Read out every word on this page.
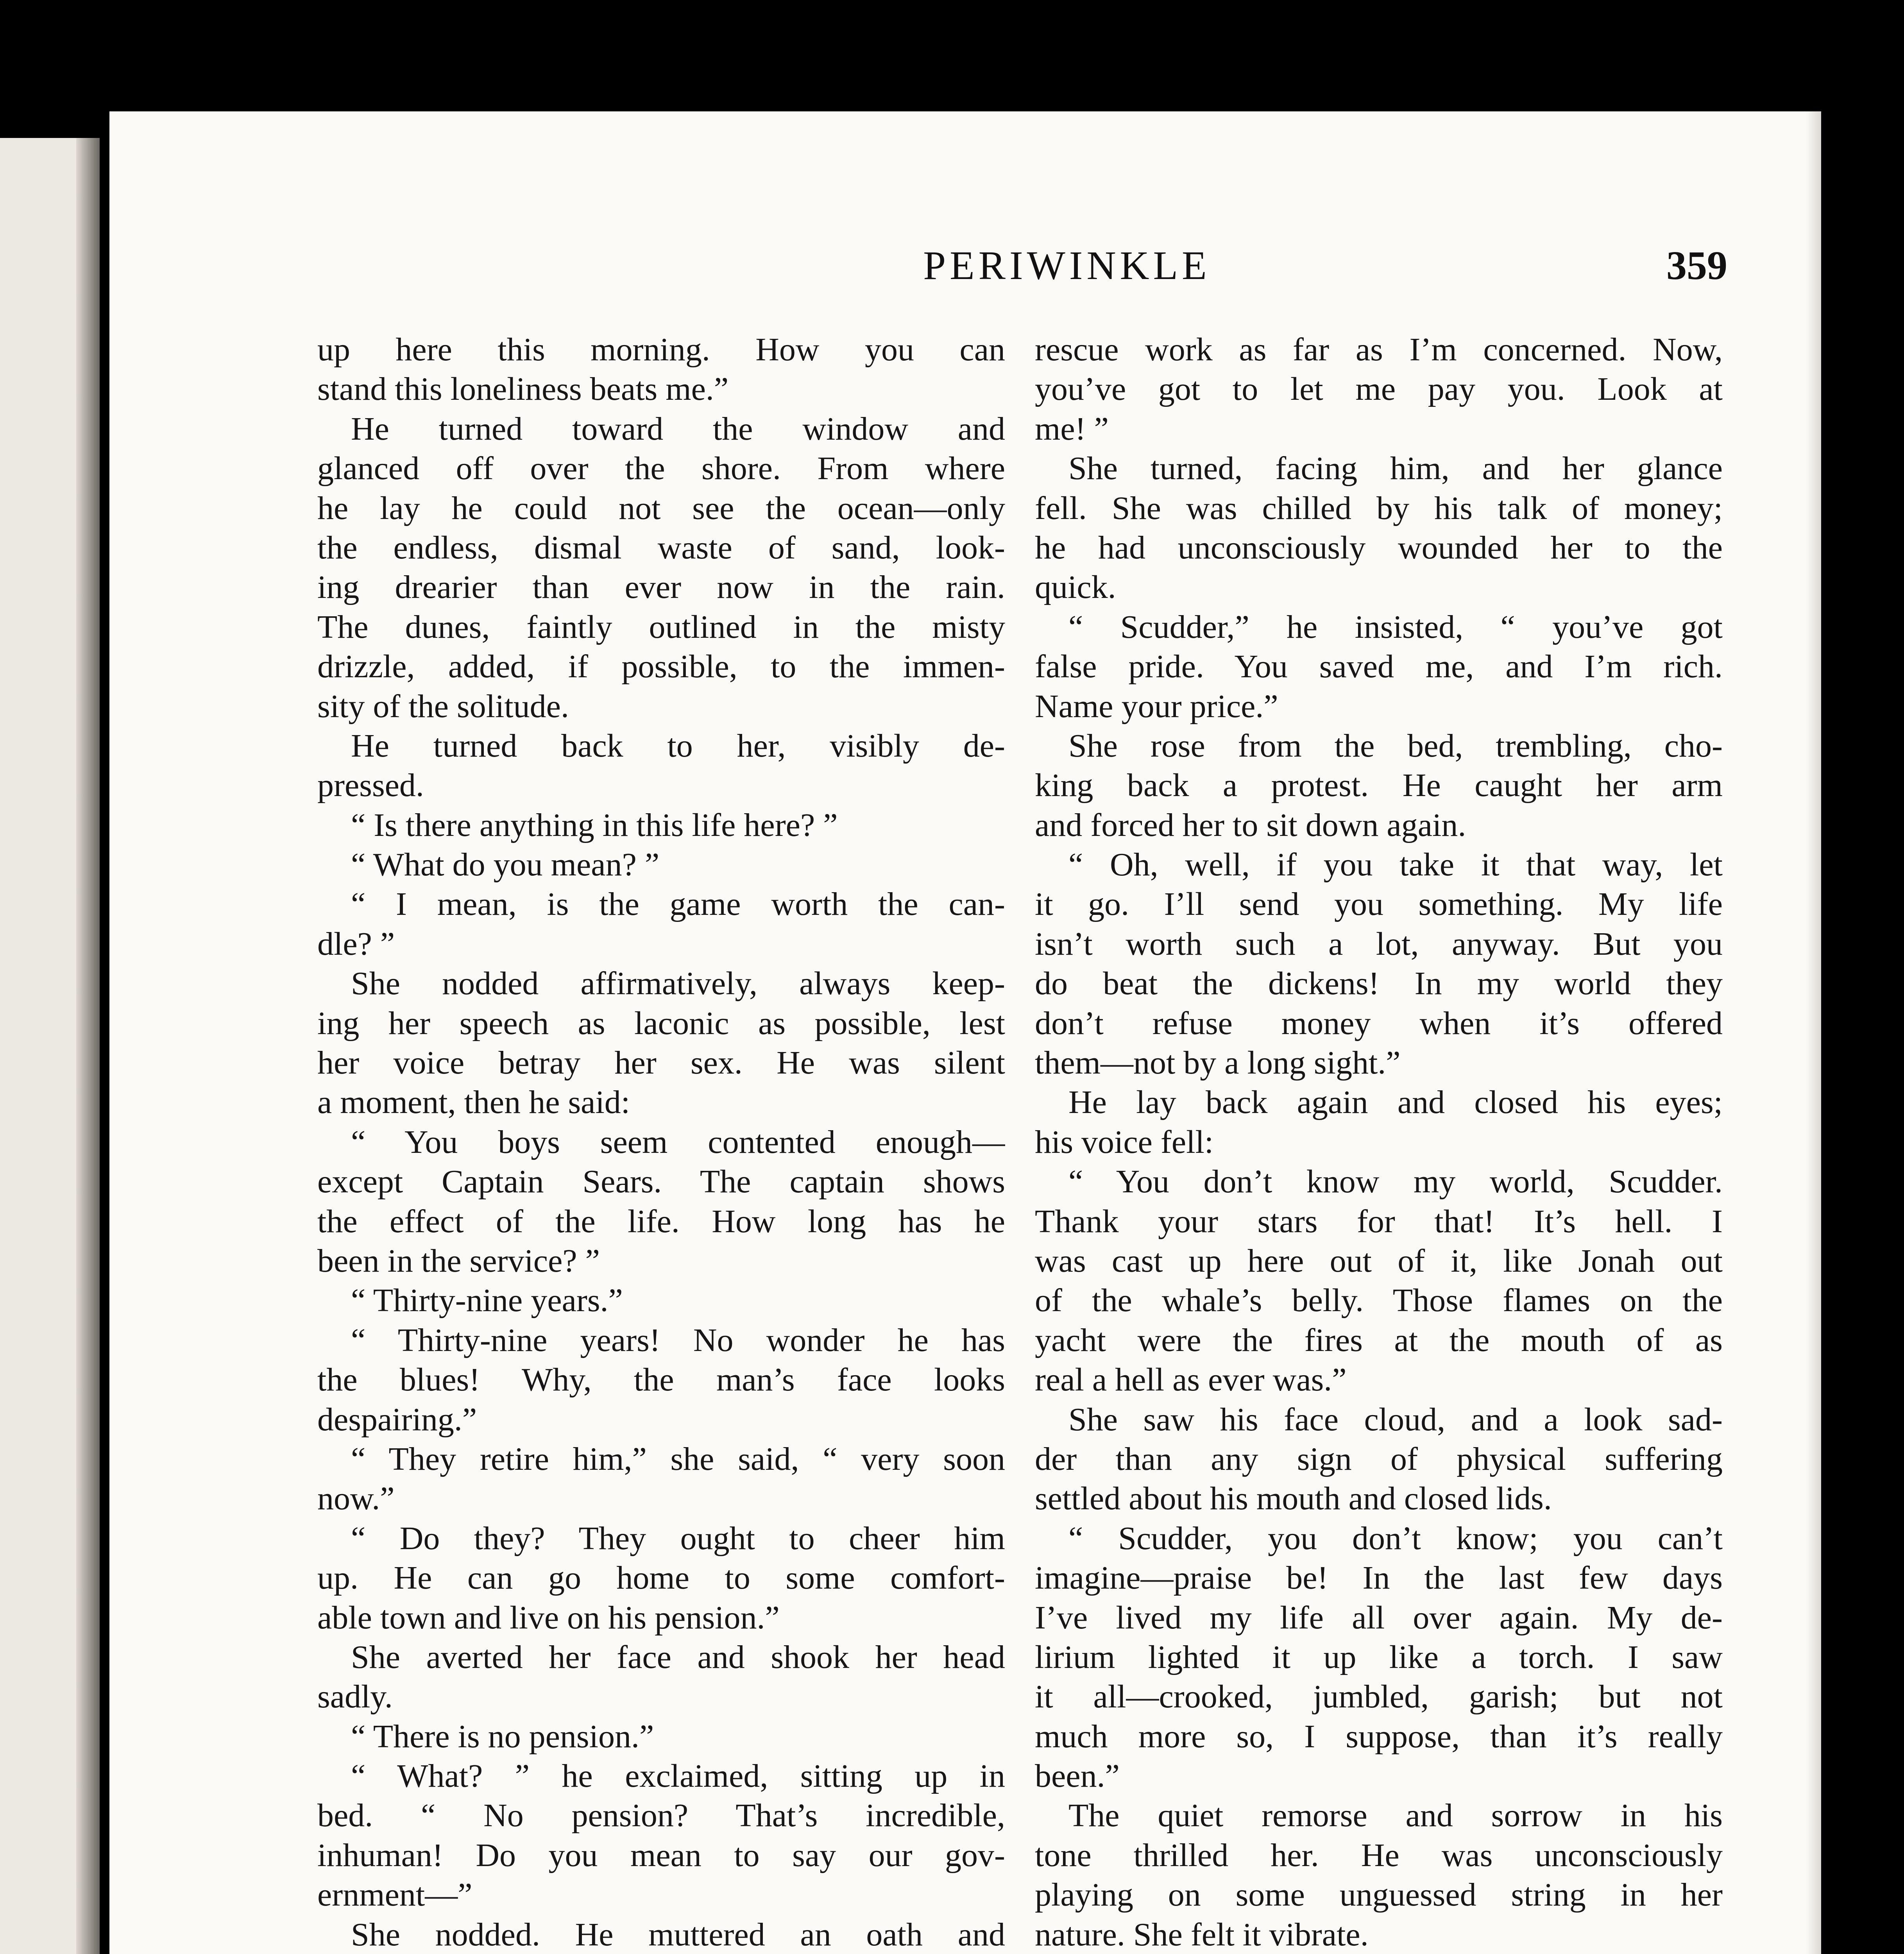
PERIWINKLE	359
up here this morning. How you can
stand this loneliness beats me.”
He turned toward the window and
glanced off over the shore. From where
he lay he could not see the ocean—only
the endless, dismal waste of sand, look-
ing drearier than ever now in the rain.
The dunes, faintly outlined in the misty
drizzle, added, if possible, to the immen-
sity of the solitude.
He turned back to her, visibly de-
pressed.
“ Is there anything in this life here? ”
“ What do you mean? ”
“ I mean, is the game worth the can-
dle? ”
She nodded affirmatively, always keep-
ing her speech as laconic as possible, lest
her voice betray her sex. He was silent
a moment, then he said:
“ You boys seem contented enough—
except Captain Sears. The captain shows
the effect of the life. How long has he
been in the service? ”
“ Thirty-nine years.”
“ Thirty-nine years! No wonder he has
the blues! Why, the man’s face looks
despairing.”
“ They retire him,” she said, “ very soon
now.”
“ Do they? They ought to cheer him
up. He can go home to some comfort-
able town and live on his pension.”
She averted her face and shook her head
sadly.
“ There is no pension.”
“ What? ” he exclaimed, sitting up in
bed. “ No pension? That’s incredible,
inhuman! Do you mean to say our gov-
ernment—”
She nodded. He muttered an oath and
rescue work as far as I’m concerned. Now,
you’ve got to let me pay you. Look at
me! ”
She turned, facing him, and her glance
fell. She was chilled by his talk of money;
he had unconsciously wounded her to the
quick.
“ Scudder,” he insisted, “ you’ve got
false pride. You saved me, and I’m rich.
Name your price.”
She rose from the bed, trembling, cho-
king back a protest. He caught her arm
and forced her to sit down again.
“ Oh, well, if you take it that way, let
it go. I’ll send you something. My life
isn’t worth such a lot, anyway. But you
do beat the dickens! In my world they
don’t refuse money when it’s offered
them—not by a long sight.”
He lay back again and closed his eyes;
his voice fell:
“ You don’t know my world, Scudder.
Thank your stars for that! It’s hell. I
was cast up here out of it, like Jonah out
of the whale’s belly. Those flames on the
yacht were the fires at the mouth of as
real a hell as ever was.”
She saw his face cloud, and a look sad-
der than any sign of physical suffering
settled about his mouth and closed lids.
“ Scudder, you don’t know; you can’t
imagine—praise be! In the last few days
I’ve lived my life all over again. My de-
lirium lighted it up like a torch. I saw
it all—crooked, jumbled, garish; but not
much more so, I suppose, than it’s really
been.”
The quiet remorse and sorrow in his
tone thrilled her. He was unconsciously
playing on some unguessed string in her
nature. She felt it vibrate.
